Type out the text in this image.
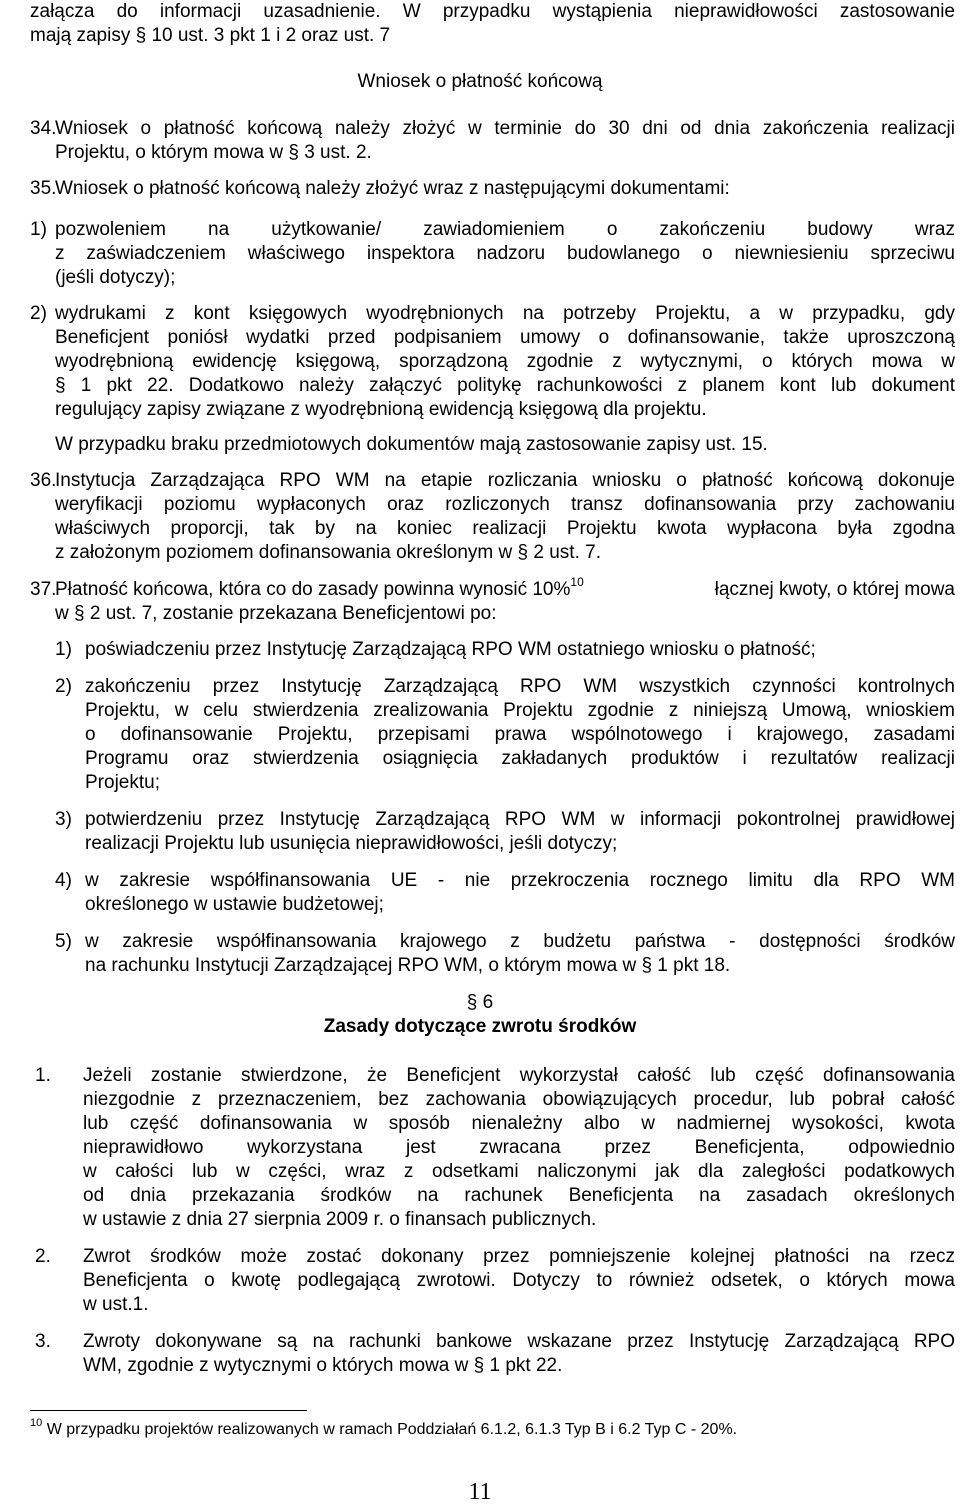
załącza do informacji uzasadnienie. W przypadku wystąpienia nieprawidłowości zastosowanie
mają zapisy § 10 ust. 3 pkt 1 i 2 oraz ust. 7
Wniosek o płatność końcową
34.
Wniosek o płatność końcową należy złożyć w terminie do 30 dni od dnia zakończenia realizacji
Projektu, o którym mowa w § 3 ust. 2.
35.
Wniosek o płatność końcową należy złożyć wraz z następującymi dokumentami:
1) pozwoleniem na użytkowanie/ zawiadomieniem o zakończeniu budowy wraz
z zaświadczeniem właściwego inspektora nadzoru budowlanego o niewniesieniu sprzeciwu
(jeśli dotyczy);
2) wydrukami z kont księgowych wyodrębnionych na potrzeby Projektu, a w przypadku, gdy
Beneficjent poniósł wydatki przed podpisaniem umowy o dofinansowanie, także uproszczoną
wyodrębnioną ewidencję księgową, sporządzoną zgodnie z wytycznymi, o których mowa w
§ 1 pkt 22. Dodatkowo należy załączyć politykę rachunkowości z planem kont lub dokument
regulujący zapisy związane z wyodrębnioną ewidencją księgową dla projektu.
W przypadku braku przedmiotowych dokumentów mają zastosowanie zapisy ust. 15.
36.
Instytucja Zarządzająca RPO WM na etapie rozliczania wniosku o płatność końcową dokonuje
weryfikacji poziomu wypłaconych oraz rozliczonych transz dofinansowania przy zachowaniu
właściwych proporcji, tak by na koniec realizacji Projektu kwota wypłacona była zgodna
z założonym poziomem dofinansowania określonym w § 2 ust. 7.
37.
Płatność końcowa, która co do zasady powinna wynosić 10%$^{10}$	łącznej kwoty, o której mowa
w § 2 ust. 7, zostanie przekazana Beneficjentowi po:
1) poświadczeniu przez Instytucję Zarządzającą RPO WM ostatniego wniosku o płatność;
2) zakończeniu przez Instytucję Zarządzającą RPO WM wszystkich czynności kontrolnych
Projektu, w celu stwierdzenia zrealizowania Projektu zgodnie z niniejszą Umową, wnioskiem
o dofinansowanie Projektu, przepisami prawa wspólnotowego i krajowego, zasadami
Programu oraz stwierdzenia osiągnięcia zakładanych produktów i rezultatów realizacji
Projektu;
3) potwierdzeniu przez Instytucję Zarządzającą RPO WM w informacji pokontrolnej prawidłowej
realizacji Projektu lub usunięcia nieprawidłowości, jeśli dotyczy;
4) w zakresie współfinansowania UE - nie przekroczenia rocznego limitu dla RPO WM
określonego w ustawie budżetowej;
5) w zakresie współfinansowania krajowego z budżetu państwa - dostępności środków
na rachunku Instytucji Zarządzającej RPO WM, o którym mowa w § 1 pkt 18.
§ 6
Zasady dotyczące zwrotu środków
1. Jeżeli zostanie stwierdzone, że Beneficjent wykorzystał całość lub część dofinansowania
niezgodnie z przeznaczeniem, bez zachowania obowiązujących procedur, lub pobrał całość
lub część dofinansowania w sposób nienależny albo w nadmiernej wysokości, kwota
nieprawidłowo wykorzystana jest zwracana przez Beneficjenta, odpowiednio
w całości lub w części, wraz z odsetkami naliczonymi jak dla zaległości podatkowych
od dnia przekazania środków na rachunek Beneficjenta na zasadach określonych
w ustawie z dnia 27 sierpnia 2009 r. o finansach publicznych.
2. Zwrot środków może zostać dokonany przez pomniejszenie kolejnej płatności na rzecz
Beneficjenta o kwotę podlegającą zwrotowi. Dotyczy to również odsetek, o których mowa
w ust.1.
3. Zwroty dokonywane są na rachunki bankowe wskazane przez Instytucję Zarządzającą RPO
WM, zgodnie z wytycznymi o których mowa w § 1 pkt 22.
$^{10}$ W przypadku projektów realizowanych w ramach Poddziałań 6.1.2, 6.1.3 Typ B i 6.2 Typ C - 20%.
11
